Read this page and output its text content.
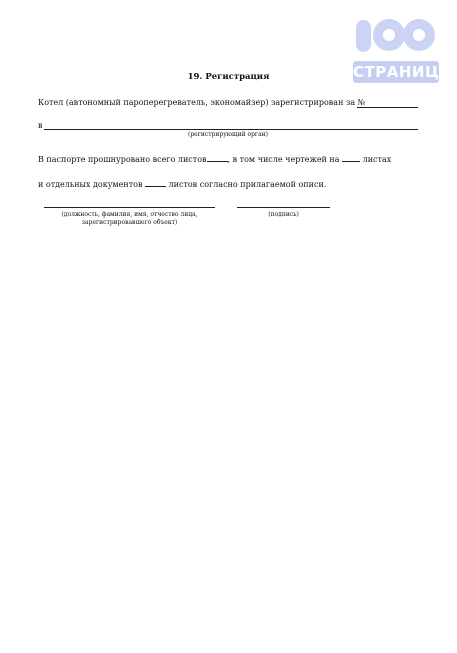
СТРАНИЦ
19. Регистрация
Котел (автономный пароперегреватель, экономайзер) зарегистрирован за №
в
(регистрирующий орган)
В паспорте прошнуровано всего листов	, в том числе чертежей на	листах
и отдельных документов	листов согласно прилагаемой описи.
(должность, фамилия, имя, отчество лица,
зарегистрировавшего объект)
(подпись)
